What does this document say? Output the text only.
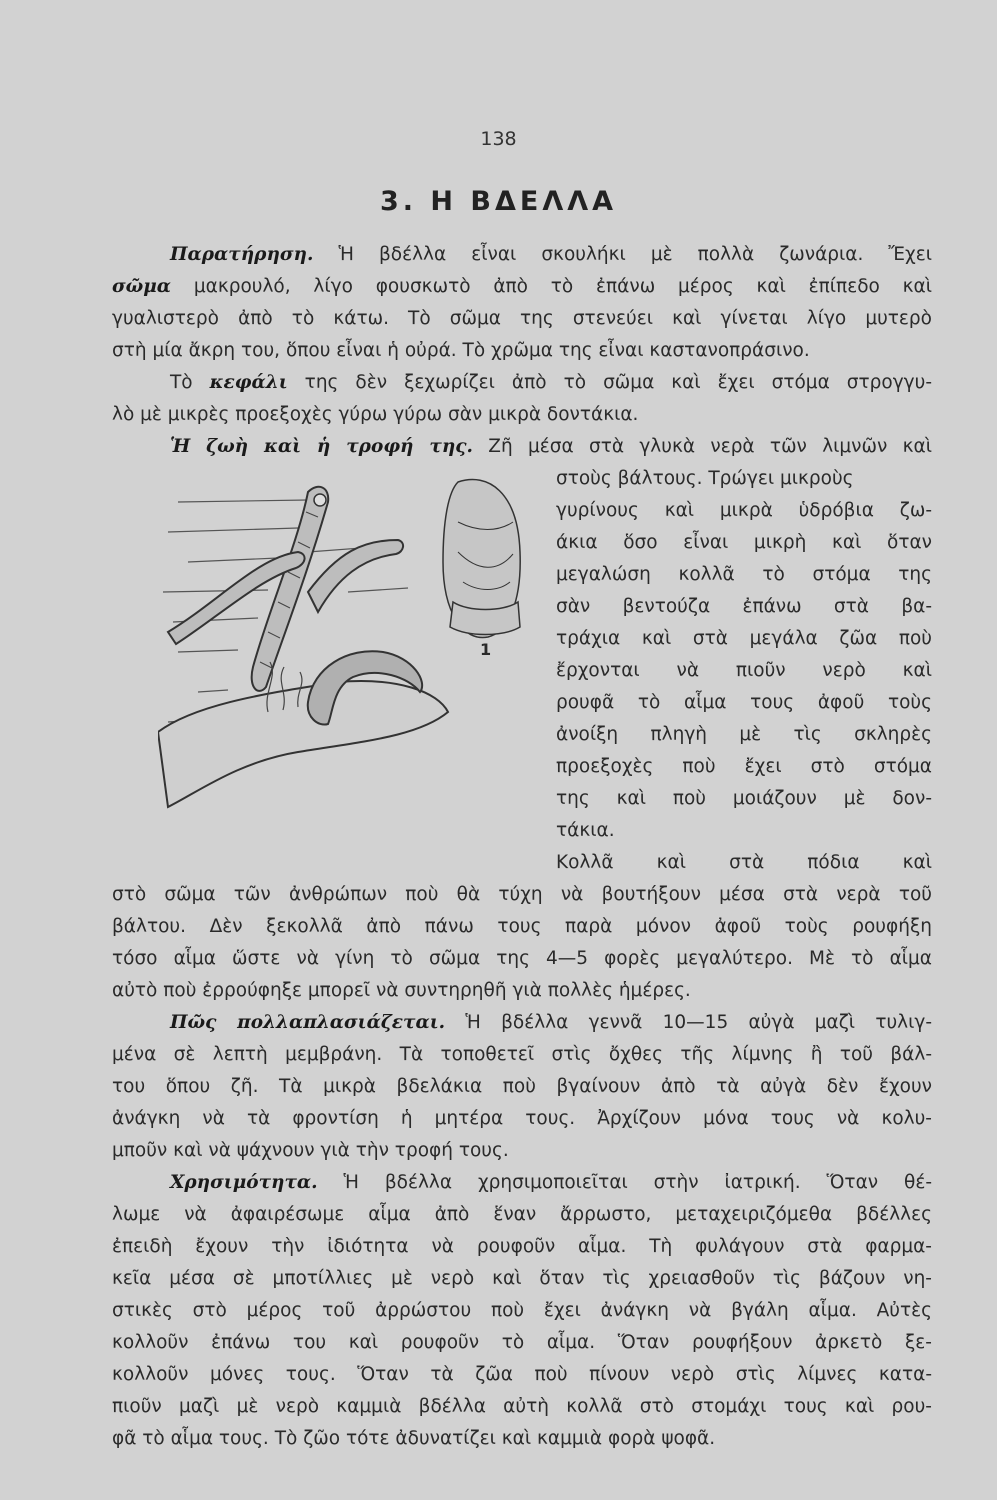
138
3. Η ΒΔΕΛΛΑ
Παρατήρηση. Ἡ βδέλλα εἶναι σκουλήκι μὲ πολλὰ ζωνάρια. Ἔχει
σῶμα μακρουλό, λίγο φουσκωτὸ ἀπὸ τὸ ἐπάνω μέρος καὶ ἐπίπεδο καὶ
γυαλιστερὸ ἀπὸ τὸ κάτω. Τὸ σῶμα της στενεύει καὶ γίνεται λίγο μυτερὸ
στὴ μία ἄκρη του, ὅπου εἶναι ἡ οὐρά. Τὸ χρῶμα της εἶναι καστανοπράσινο.
Τὸ κεφάλι της δὲν ξεχωρίζει ἀπὸ τὸ σῶμα καὶ ἔχει στόμα στρογγυ-
λὸ μὲ μικρὲς προεξοχὲς γύρω γύρω σὰν μικρὰ δοντάκια.
Ἡ ζωὴ καὶ ἡ τροφή της. Ζῆ μέσα στὰ γλυκὰ νερὰ τῶν λιμνῶν καὶ
στοὺς βάλτους. Τρώγει μικροὺς
γυρίνους καὶ μικρὰ ὑδρόβια ζω-
άκια ὅσο εἶναι μικρὴ καὶ ὅταν
μεγαλώση κολλᾶ τὸ στόμα της
σὰν βεντούζα ἐπάνω στὰ βα-
τράχια καὶ στὰ μεγάλα ζῶα ποὺ
ἔρχονται νὰ πιοῦν νερὸ καὶ
ρουφᾶ τὸ αἷμα τους ἀφοῦ τοὺς
ἀνοίξη πληγὴ μὲ τὶς σκληρὲς
προεξοχὲς ποὺ ἔχει στὸ στόμα
της καὶ ποὺ μοιάζουν μὲ δον-
τάκια.
Κολλᾶ καὶ στὰ πόδια καὶ
στὸ σῶμα τῶν ἀνθρώπων ποὺ θὰ τύχη νὰ βουτήξουν μέσα στὰ νερὰ τοῦ
βάλτου. Δὲν ξεκολλᾶ ἀπὸ πάνω τους παρὰ μόνον ἀφοῦ τοὺς ρουφήξη
τόσο αἷμα ὥστε νὰ γίνη τὸ σῶμα της 4—5 φορὲς μεγαλύτερο. Μὲ τὸ αἷμα
αὐτὸ ποὺ ἐρρούφηξε μπορεῖ νὰ συντηρηθῆ γιὰ πολλὲς ἡμέρες.
Πῶς πολλαπλασιάζεται. Ἡ βδέλλα γεννᾶ 10—15 αὐγὰ μαζὶ τυλιγ-
μένα σὲ λεπτὴ μεμβράνη. Τὰ τοποθετεῖ στὶς ὄχθες τῆς λίμνης ἢ τοῦ βάλ-
του ὅπου ζῆ. Τὰ μικρὰ βδελάκια ποὺ βγαίνουν ἀπὸ τὰ αὐγὰ δὲν ἔχουν
ἀνάγκη νὰ τὰ φροντίση ἡ μητέρα τους. Ἀρχίζουν μόνα τους νὰ κολυ-
μποῦν καὶ νὰ ψάχνουν γιὰ τὴν τροφή τους.
Χρησιμότητα. Ἡ βδέλλα χρησιμοποιεῖται στὴν ἰατρική. Ὅταν θέ-
λωμε νὰ ἀφαιρέσωμε αἷμα ἀπὸ ἕναν ἄρρωστο, μεταχειριζόμεθα βδέλλες
ἐπειδὴ ἔχουν τὴν ἰδιότητα νὰ ρουφοῦν αἷμα. Τὴ φυλάγουν στὰ φαρμα-
κεῖα μέσα σὲ μποτίλλιες μὲ νερὸ καὶ ὅταν τὶς χρειασθοῦν τὶς βάζουν νη-
στικὲς στὸ μέρος τοῦ ἀρρώστου ποὺ ἔχει ἀνάγκη νὰ βγάλη αἷμα. Αὐτὲς
κολλοῦν ἐπάνω του καὶ ρουφοῦν τὸ αἷμα. Ὅταν ρουφήξουν ἀρκετὸ ξε-
κολλοῦν μόνες τους. Ὅταν τὰ ζῶα ποὺ πίνουν νερὸ στὶς λίμνες κατα-
πιοῦν μαζὶ μὲ νερὸ καμμιὰ βδέλλα αὐτὴ κολλᾶ στὸ στομάχι τους καὶ ρου-
φᾶ τὸ αἷμα τους. Τὸ ζῶο τότε ἀδυνατίζει καὶ καμμιὰ φορὰ ψοφᾶ.
1
